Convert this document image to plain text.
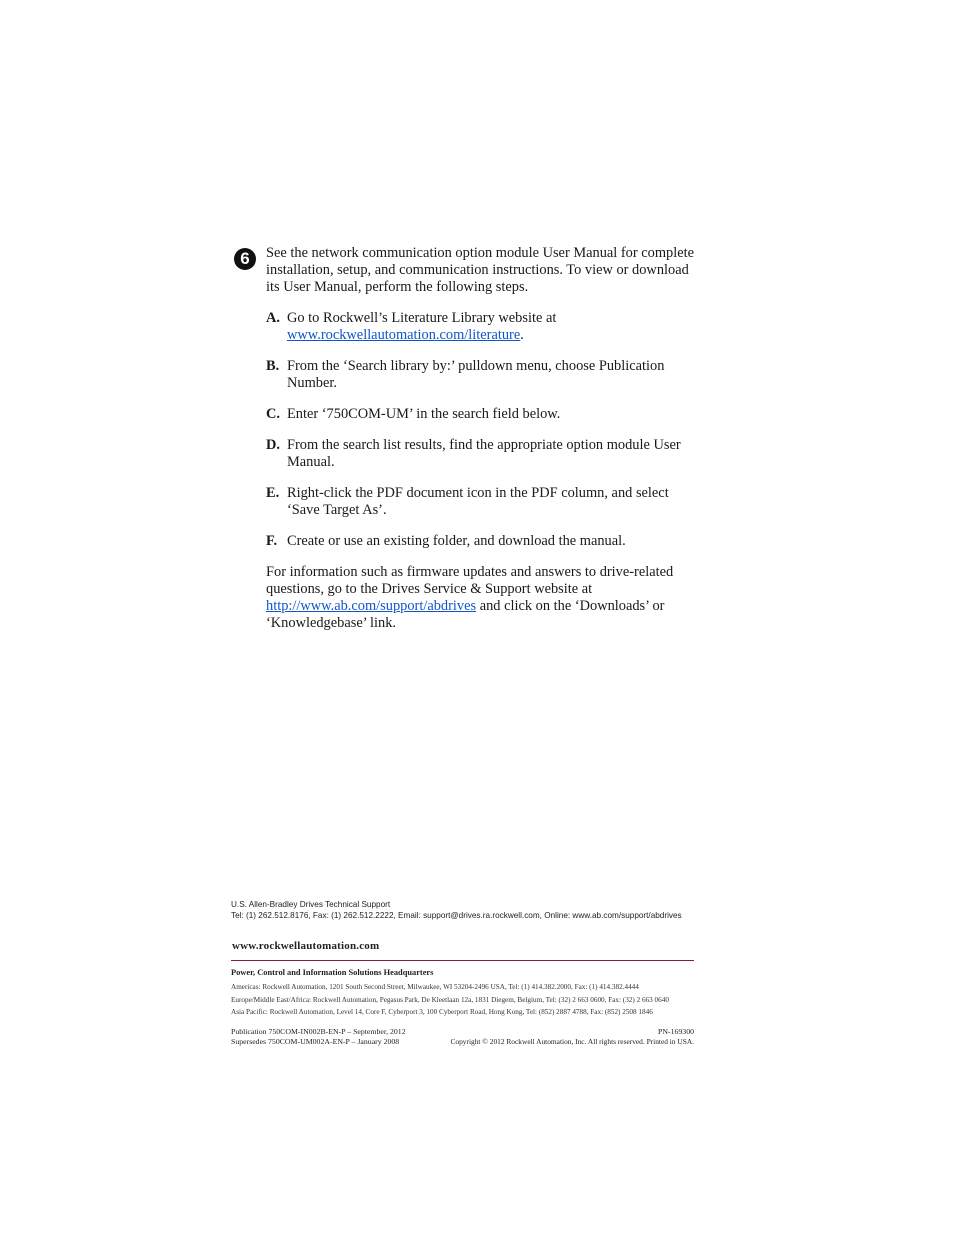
6	See the network communication option module User Manual for complete installation, setup, and communication instructions. To view or download its User Manual, perform the following steps.

A. Go to Rockwell’s Literature Library website at www.rockwellautomation.com/literature.
B. From the ‘Search library by:’ pulldown menu, choose Publication Number.
C. Enter ‘750COM-UM’ in the search field below.
D. From the search list results, find the appropriate option module User Manual.
E. Right-click the PDF document icon in the PDF column, and select ‘Save Target As’.
F. Create or use an existing folder, and download the manual.

For information such as firmware updates and answers to drive-related questions, go to the Drives Service & Support website at http://www.ab.com/support/abdrives and click on the ‘Downloads’ or ‘Knowledgebase’ link.

U.S. Allen-Bradley Drives Technical Support
Tel: (1) 262.512.8176, Fax: (1) 262.512.2222, Email: support@drives.ra.rockwell.com, Online: www.ab.com/support/abdrives
www.rockwellautomation.com
Power, Control and Information Solutions Headquarters
Americas: Rockwell Automation, 1201 South Second Street, Milwaukee, WI 53204-2496 USA, Tel: (1) 414.382.2000, Fax: (1) 414.382.4444
Europe/Middle East/Africa: Rockwell Automation, Pegasus Park, De Kleetlaan 12a, 1831 Diegem, Belgium, Tel: (32) 2 663 0600, Fax: (32) 2 663 0640
Asia Pacific: Rockwell Automation, Level 14, Core F, Cyberport 3, 100 Cyberport Road, Hong Kong, Tel: (852) 2887 4788, Fax: (852) 2508 1846
Publication 750COM-IN002B-EN-P – September, 2012	PN-169300
Supersedes 750COM-UM002A-EN-P – January 2008	Copyright © 2012 Rockwell Automation, Inc. All rights reserved. Printed in USA.
